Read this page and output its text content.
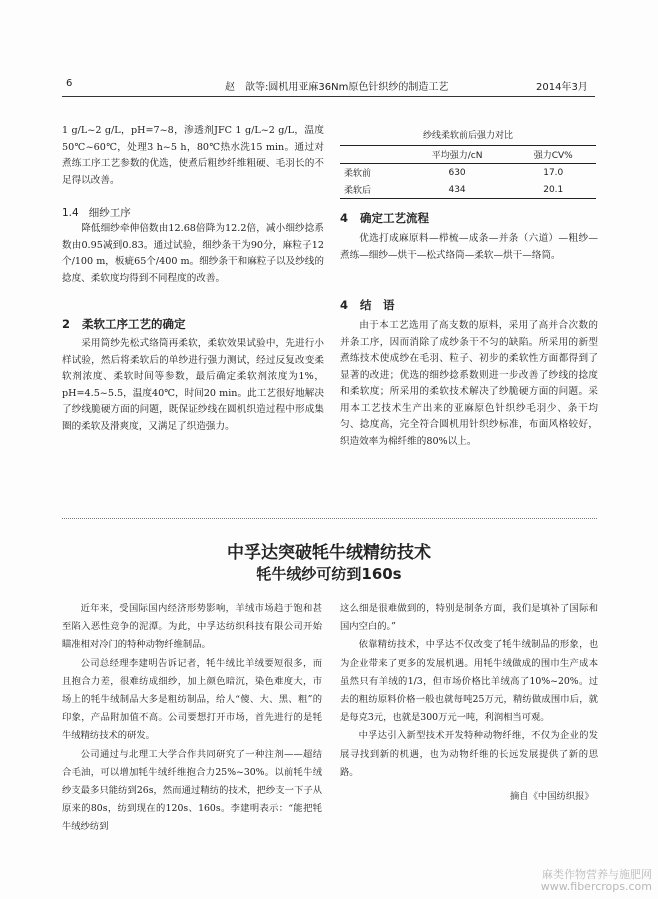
6	赵　歆等:圆机用亚麻36Nm原色针织纱的制造工艺	2014年3月

1 g/L~2 g/L，pH=7~8，渗透剂JFC 1 g/L~2 g/L，温度50℃~60℃，处理3 h~5 h，80℃热水洗15 min。通过对煮练工序工艺参数的优选，使煮后粗纱纤维粗硬、毛羽长的不足得以改善。

1.4 细纱工序

降低细纱牵伸倍数由12.68倍降为12.2倍，减小细纱捻系数由0.95减到0.83。通过试验，细纱条干为90分，麻粒子12个/100 m，板疵65个/400 m。细纱条干和麻粒子以及纱线的捻度、柔软度均得到不同程度的改善。

2 柔软工序工艺的确定

采用筒纱先松式络筒再柔软，柔软效果试验中，先进行小样试验，然后将柔软后的单纱进行强力测试，经过反复改变柔软剂浓度、柔软时间等参数，最后确定柔软剂浓度为1%，pH=4.5~5.5，温度40℃，时间20 min。此工艺很好地解决了纱线脆硬方面的问题，既保证纱线在圆机织造过程中形成集圈的柔软及滑爽度，又满足了织造强力。

纱线柔软前后强力对比
	平均强力/cN	强力CV%
柔软前	630	17.0
柔软后	434	20.1
4 确定工艺流程

优选打成麻原料—栉梳—成条—并条（六道）—粗纱—煮练—细纱—烘干—松式络筒—柔软—烘干—络筒。

4 结　语

由于本工艺选用了高支数的原料，采用了高并合次数的并条工序，因而消除了成纱条干不匀的缺陷。所采用的新型煮练技术使成纱在毛羽、粒子、初步的柔软性方面都得到了显著的改进；优选的细纱捻系数则进一步改善了纱线的捻度和柔软度；所采用的柔软技术解决了纱脆硬方面的问题。采用本工艺技术生产出来的亚麻原色针织纱毛羽少、条干均匀、捻度高，完全符合圆机用针织纱标准，布面风格较好，织造效率为棉纤维的80%以上。

中孚达突破牦牛绒精纺技术
牦牛绒纱可纺到160s

近年来，受国际国内经济形势影响，羊绒市场趋于饱和甚至陷入恶性竞争的泥潭。为此，中孚达纺织科技有限公司开始瞄准相对冷门的特种动物纤维制品。

公司总经理李建明告诉记者，牦牛绒比羊绒要短很多，而且抱合力差，很难纺成细纱，加上颜色暗沉，染色难度大，市场上的牦牛绒制品大多是粗纺制品，给人“傻、大、黑、粗”的印象，产品附加值不高。公司要想打开市场，首先进行的是牦牛绒精纺技术的研发。

公司通过与北理工大学合作共同研究了一种注剂——超结合毛油，可以增加牦牛绒纤维抱合力25%~30%。以前牦牛绒纱支最多只能纺到26s，然而通过精纺的技术，把纱支一下子从原来的80s，纺到现在的120s、160s。李建明表示：“能把牦牛绒纱纺到

这么细是很难做到的，特别是制条方面，我们是填补了国际和国内空白的。”

依靠精纺技术，中孚达不仅改变了牦牛绒制品的形象，也为企业带来了更多的发展机遇。用牦牛绒做成的围巾生产成本虽然只有羊绒的1/3，但市场价格比羊绒高了10%~20%。过去的粗纺原料价格一般也就每吨25万元，精纺做成围巾后，就是每克3元，也就是300万元一吨，利润相当可观。

中孚达引入新型技术开发特种动物纤维，不仅为企业的发展寻找到新的机遇，也为动物纤维的长远发展提供了新的思路。

摘自《中国纺织报》
麻类作物营养与施肥网
www.fibercrops.com
